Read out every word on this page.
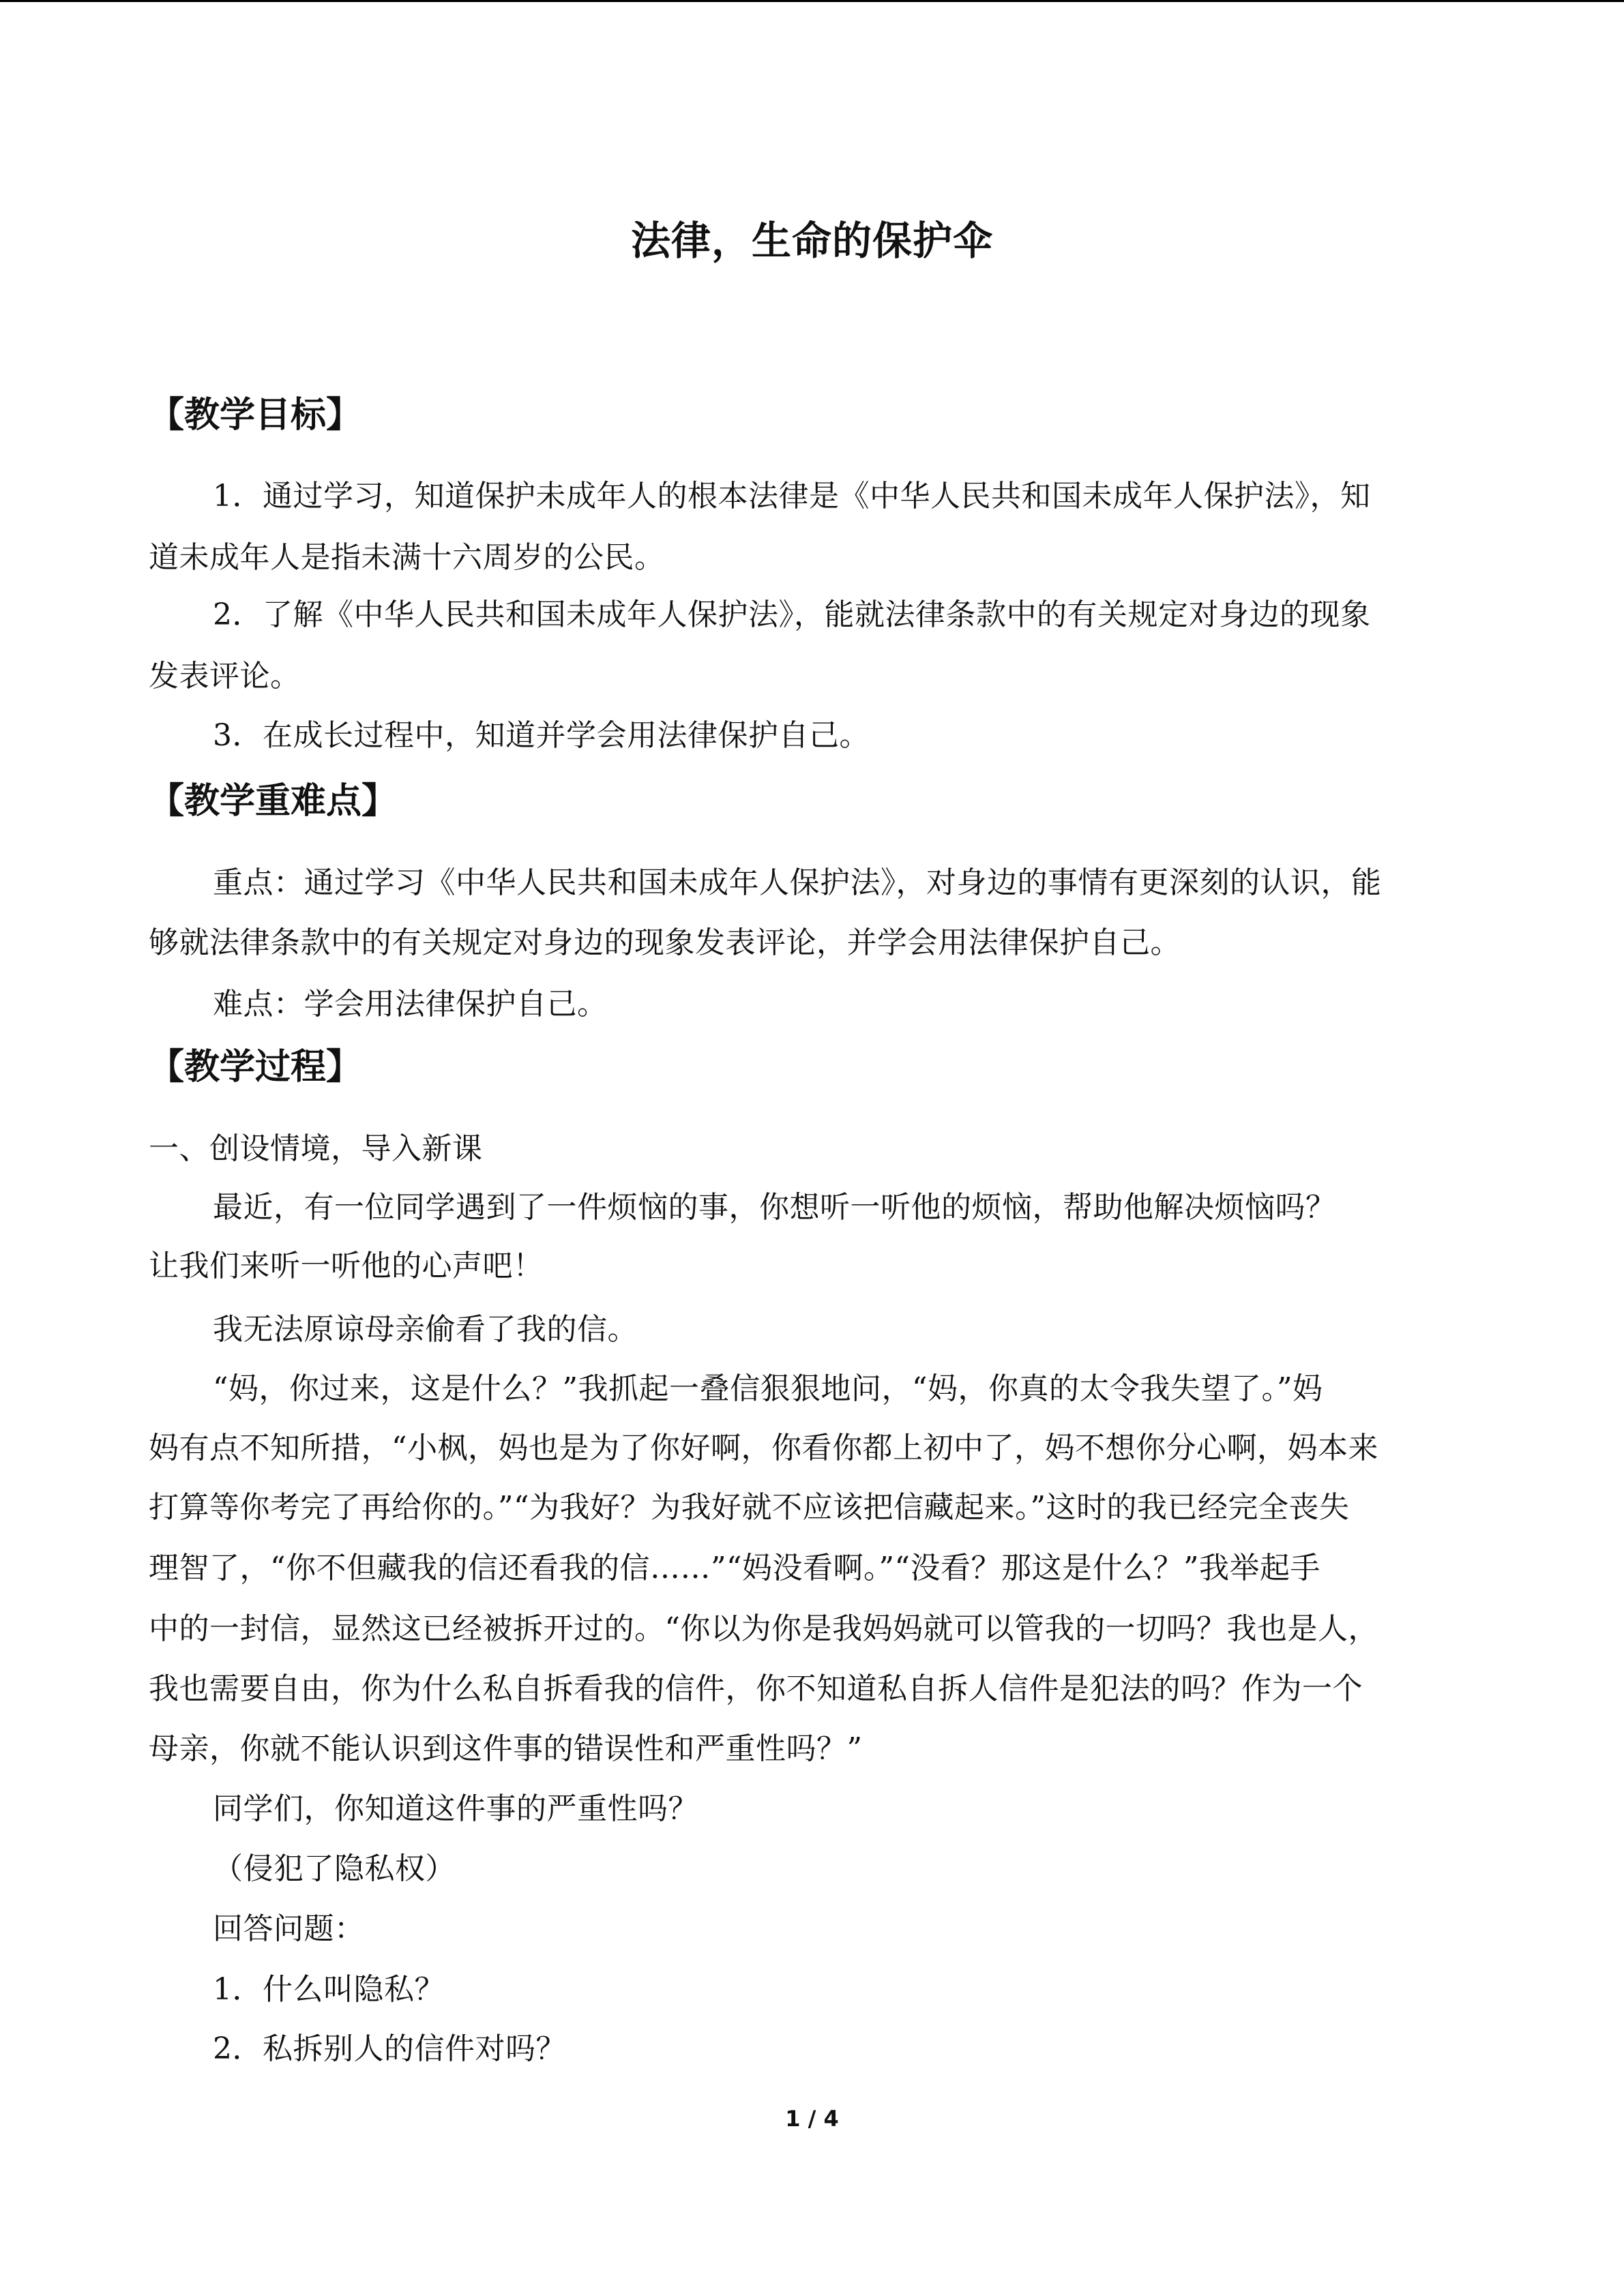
法律，生命的保护伞
【教学目标】
1．通过学习，知道保护未成年人的根本法律是《中华人民共和国未成年人保护法》，知
道未成年人是指未满十六周岁的公民。
2．了解《中华人民共和国未成年人保护法》，能就法律条款中的有关规定对身边的现象
发表评论。
3．在成长过程中，知道并学会用法律保护自己。
【教学重难点】
重点：通过学习《中华人民共和国未成年人保护法》，对身边的事情有更深刻的认识，能
够就法律条款中的有关规定对身边的现象发表评论，并学会用法律保护自己。
难点：学会用法律保护自己。
【教学过程】
一、创设情境，导入新课
最近，有一位同学遇到了一件烦恼的事，你想听一听他的烦恼，帮助他解决烦恼吗？
让我们来听一听他的心声吧！
我无法原谅母亲偷看了我的信。
“妈，你过来，这是什么？”我抓起一叠信狠狠地问，“妈，你真的太令我失望了。”妈
妈有点不知所措，“小枫，妈也是为了你好啊，你看你都上初中了，妈不想你分心啊，妈本来
打算等你考完了再给你的。”“为我好？为我好就不应该把信藏起来。”这时的我已经完全丧失
理智了，“你不但藏我的信还看我的信……”“妈没看啊。”“没看？那这是什么？”我举起手
中的一封信，显然这已经被拆开过的。“你以为你是我妈妈就可以管我的一切吗？我也是人，
我也需要自由，你为什么私自拆看我的信件，你不知道私自拆人信件是犯法的吗？作为一个
母亲，你就不能认识到这件事的错误性和严重性吗？”
同学们，你知道这件事的严重性吗？
（侵犯了隐私权）
回答问题：
1．什么叫隐私？
2．私拆别人的信件对吗？
1 / 4
